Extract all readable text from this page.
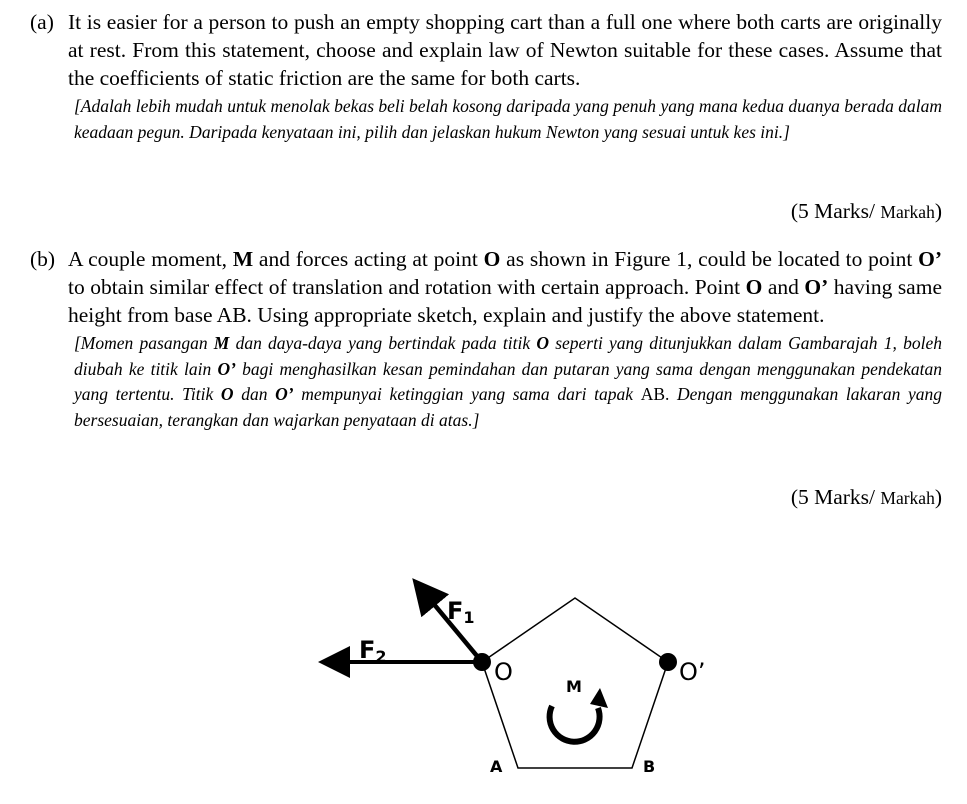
(a) It is easier for a person to push an empty shopping cart than a full one where both carts are originally at rest. From this statement, choose and explain law of Newton suitable for these cases. Assume that the coefficients of static friction are the same for both carts.
[Adalah lebih mudah untuk menolak bekas beli belah kosong daripada yang penuh yang mana kedua duanya berada dalam keadaan pegun. Daripada kenyataan ini, pilih dan jelaskan hukum Newton yang sesuai untuk kes ini.]
(5 Marks/ Markah)
(b) A couple moment, M and forces acting at point O as shown in Figure 1, could be located to point O’ to obtain similar effect of translation and rotation with certain approach. Point O and O’ having same height from base AB. Using appropriate sketch, explain and justify the above statement.
[Momen pasangan M dan daya-daya yang bertindak pada titik O seperti yang ditunjukkan dalam Gambarajah 1, boleh diubah ke titik lain O’ bagi menghasilkan kesan pemindahan dan putaran yang sama dengan menggunakan pendekatan yang tertentu. Titik O dan O’ mempunyai ketinggian yang sama dari tapak AB. Dengan menggunakan lakaran yang bersesuaian, terangkan dan wajarkan penyataan di atas.]
(5 Marks/ Markah)
F1
F2
O	O’
M
A	B
